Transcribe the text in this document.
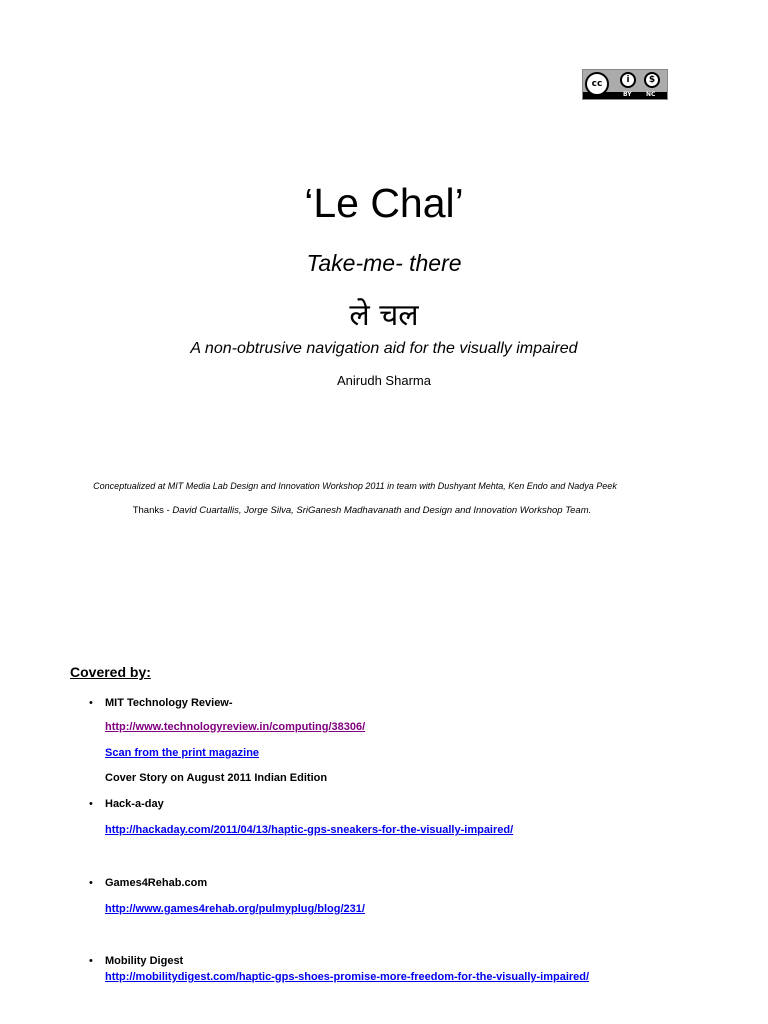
cc	i	$
BY NC
‘Le Chal’
Take-me- there
ले चल
A non-obtrusive navigation aid for the visually impaired
Anirudh Sharma
Conceptualized at MIT Media Lab Design and Innovation Workshop 2011 in team with Dushyant Mehta, Ken Endo and Nadya Peek
Thanks - David Cuartallis, Jorge Silva, SriGanesh Madhavanath and Design and Innovation Workshop Team.
Covered by:
• MIT Technology Review-
http://www.technologyreview.in/computing/38306/
Scan from the print magazine
Cover Story on August 2011 Indian Edition
• Hack-a-day
http://hackaday.com/2011/04/13/haptic-gps-sneakers-for-the-visually-impaired/
• Games4Rehab.com
http://www.games4rehab.org/pulmyplug/blog/231/
• Mobility Digest
http://mobilitydigest.com/haptic-gps-shoes-promise-more-freedom-for-the-visually-impaired/
